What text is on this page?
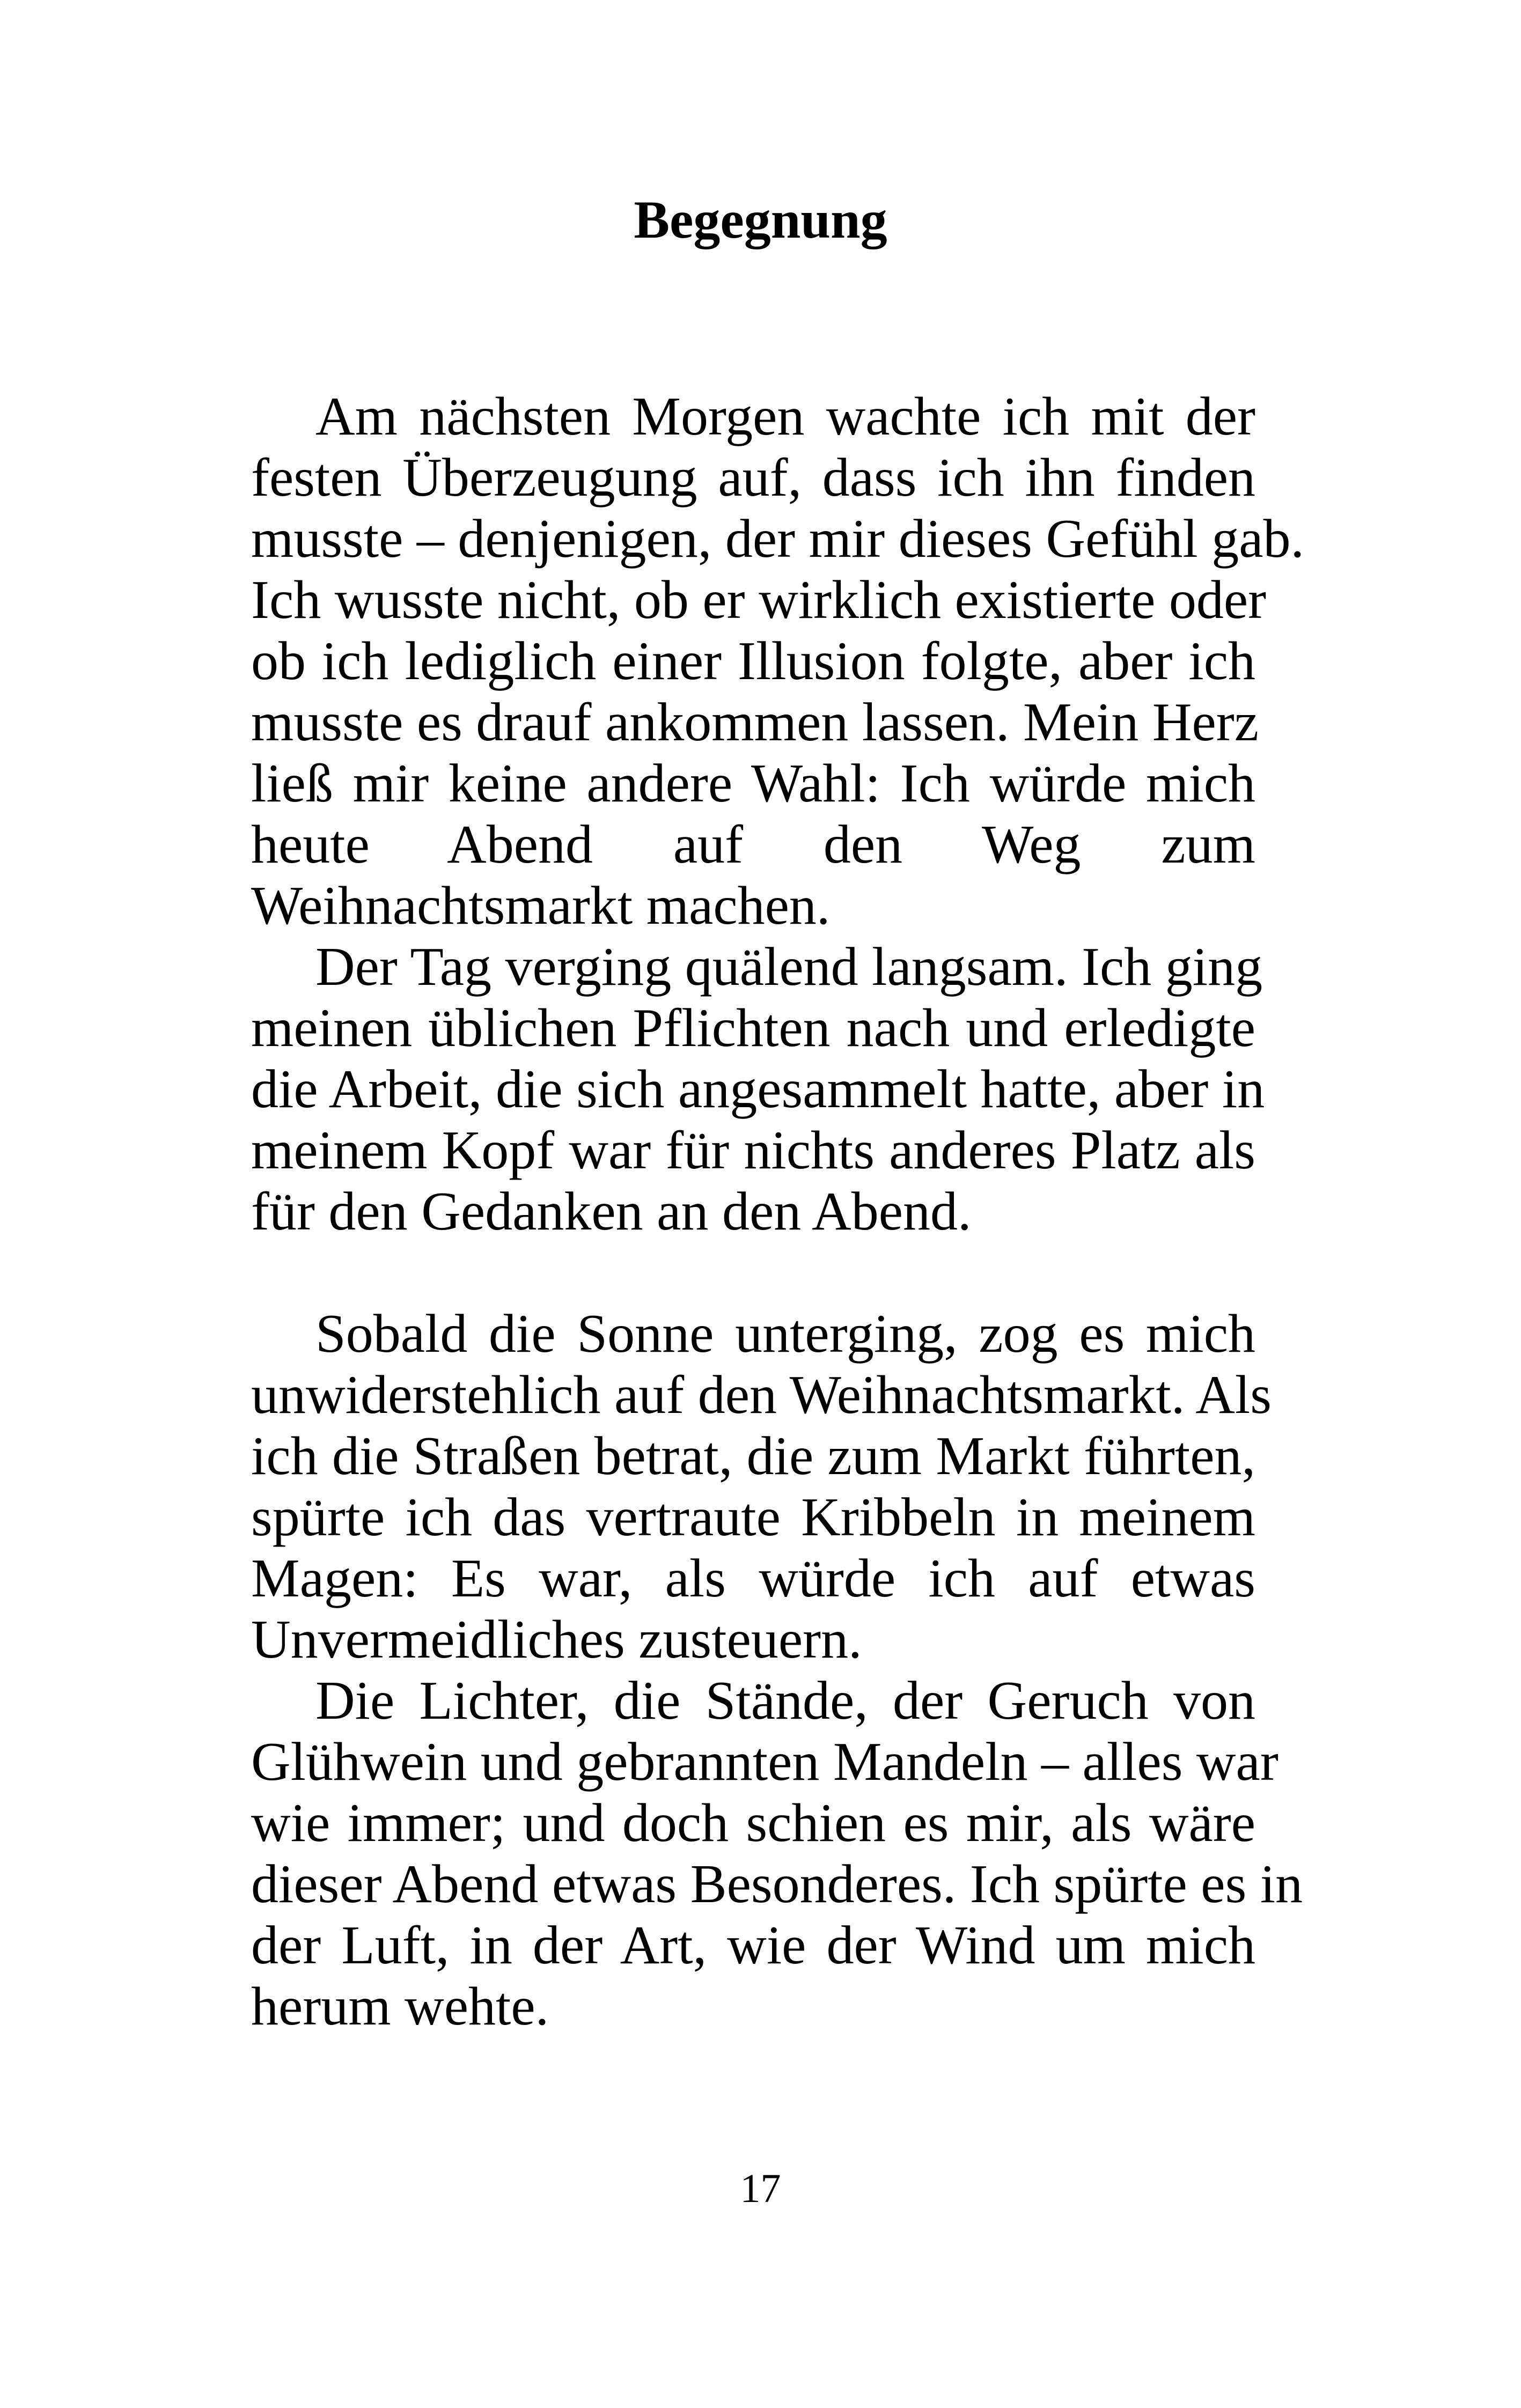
Begegnung

Am nächsten Morgen wachte ich mit der
festen Überzeugung auf, dass ich ihn finden
musste – denjenigen, der mir dieses Gefühl gab.
Ich wusste nicht, ob er wirklich existierte oder
ob ich lediglich einer Illusion folgte, aber ich
musste es drauf ankommen lassen. Mein Herz
ließ mir keine andere Wahl: Ich würde mich
heute Abend auf den Weg zum
Weihnachtsmarkt machen.

Der Tag verging quälend langsam. Ich ging
meinen üblichen Pflichten nach und erledigte
die Arbeit, die sich angesammelt hatte, aber in
meinem Kopf war für nichts anderes Platz als
für den Gedanken an den Abend.

Sobald die Sonne unterging, zog es mich
unwiderstehlich auf den Weihnachtsmarkt. Als
ich die Straßen betrat, die zum Markt führten,
spürte ich das vertraute Kribbeln in meinem
Magen: Es war, als würde ich auf etwas
Unvermeidliches zusteuern.

Die Lichter, die Stände, der Geruch von
Glühwein und gebrannten Mandeln – alles war
wie immer; und doch schien es mir, als wäre
dieser Abend etwas Besonderes. Ich spürte es in
der Luft, in der Art, wie der Wind um mich
herum wehte.

17
